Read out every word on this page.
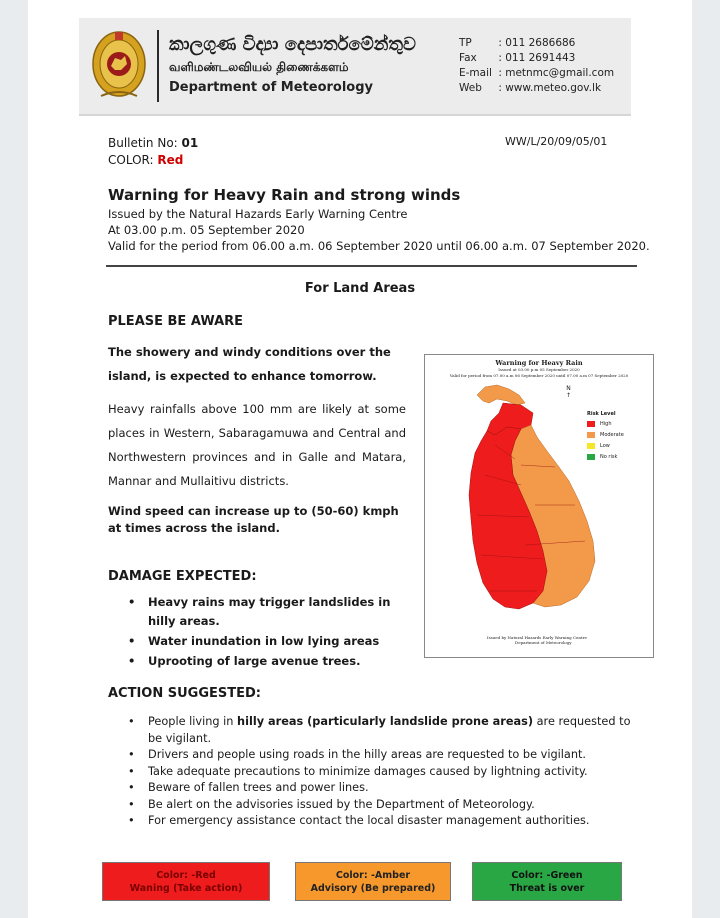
කාලගුණ විද්‍යා දෙපාර්තමේන්තුව
வளிமண்டலவியல் திணைக்களம்
Department of Meteorology
TP	: 011 2686686
Fax : 011 2691443
E-mail : metnmc@gmail.com
Web : www.meteo.gov.lk
Bulletin No: 01
COLOR: Red
WW/L/20/09/05/01
Warning for Heavy Rain and strong winds
Issued by the Natural Hazards Early Warning Centre
At 03.00 p.m. 05 September 2020
Valid for the period from 06.00 a.m. 06 September 2020 until 06.00 a.m. 07 September 2020.
For Land Areas
PLEASE BE AWARE
The showery and windy conditions over the island, is expected to enhance tomorrow.
Heavy rainfalls above 100 mm are likely at some places in Western, Sabaragamuwa and Central and Northwestern provinces and in Galle and Matara, Mannar and Mullaitivu districts.
Wind speed can increase up to (50-60) kmph at times across the island.
DAMAGE EXPECTED:
• Heavy rains may trigger landslides in hilly areas.
• Water inundation in low lying areas
• Uprooting of large avenue trees.
ACTION SUGGESTED:
• People living in hilly areas (particularly landslide prone areas) are requested to be vigilant.
• Drivers and people using roads in the hilly areas are requested to be vigilant.
• Take adequate precautions to minimize damages caused by lightning activity.
• Beware of fallen trees and power lines.
• Be alert on the advisories issued by the Department of Meteorology.
• For emergency assistance contact the local disaster management authorities.
Warning for Heavy Rain
Issued at 03.00 p.m 05 September 2020
Valid for period from 07.00 a.m 06 September 2020 until 07.00 a.m 07 September 2020
N
↑
Risk Level
High
Moderate
Low
No risk
Issued by Natural Hazards Early Warning Centre
Department of Meteorology
Color: -Red
Waning (Take action)
Color: -Amber
Advisory (Be prepared)
Color: -Green
Threat is over
